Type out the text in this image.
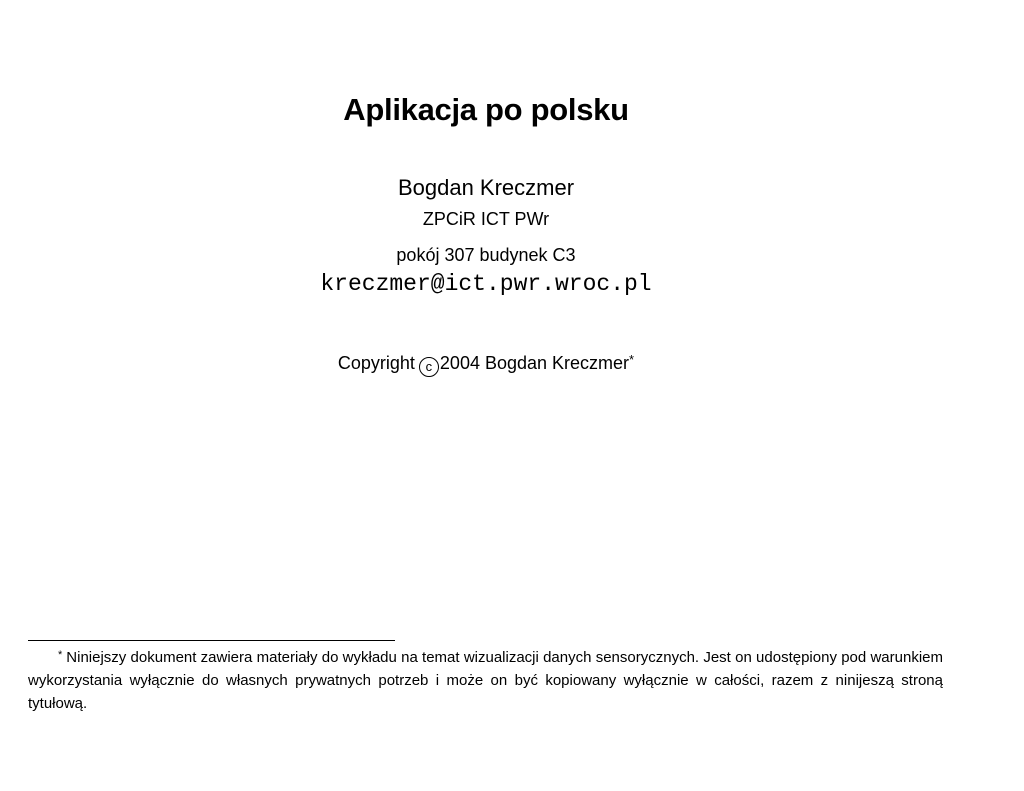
Aplikacja po polsku
Bogdan Kreczmer
ZPCiR ICT PWr
pokój 307 budynek C3
kreczmer@ict.pwr.wroc.pl
Copyright c 2004 Bogdan Kreczmer*
* Niniejszy dokument zawiera materiały do wykładu na temat wizualizacji danych sensorycznych. Jest on udostępiony pod warunkiem wykorzystania wyłącznie do własnych prywatnych potrzeb i może on być kopiowany wyłącznie w całości, razem z ninijeszą stroną tytułową.
